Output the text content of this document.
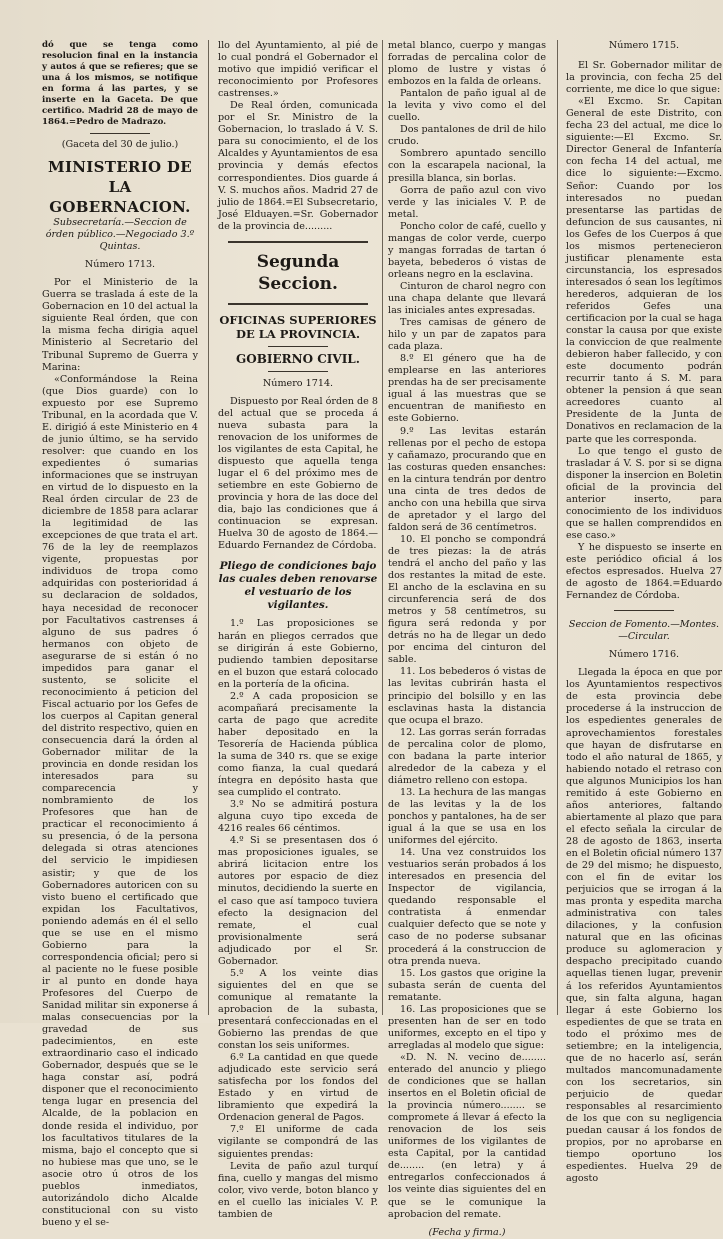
dó que se tenga como resolucion final en la instancia y autos á que se refieres; que se una á los mismos, se notifique en forma á las partes, y se inserte en la Gaceta. De que certifico. Madrid 28 de mayo de 1864.=Pedro de Madrazo.

(Gaceta del 30 de julio.)

MINISTERIO DE LA GOBERNACION.

Subsecretaría.—Seccion de órden público.—Negociado 3.º Quintas.

Número 1713.

Por el Ministerio de la Guerra se traslada á este de la Gobernacion en 10 del actual la siguiente Real órden, que con la misma fecha dirigia aquel Ministerio al Secretario del Tribunal Supremo de Guerra y Marina:

«Conformándose la Reina (que Dios guarde) con lo expuesto por ese Supremo Tribunal, en la acordada que V. E. dirigió á este Ministerio en 4 de junio último, se ha servido resolver: que cuando en los expedientes ó sumarias informaciones que se instruyan en virtud de lo dispuesto en la Real órden circular de 23 de diciembre de 1858 para aclarar la legitimidad de las excepciones de que trata el art. 76 de la ley de reemplazos vigente, propuestas por individuos de tropa como adquiridas con posterioridad á su declaracion de soldados, haya necesidad de reconocer por Facultativos castrenses á alguno de sus padres ó hermanos con objeto de asegurarse de si están ó no impedidos para ganar el sustento, se solicite el reconocimiento á peticion del Fiscal actuario por los Gefes de los cuerpos al Capitan general del distrito respectivo, quien en consecuencia dará la órden al Gobernador militar de la provincia en donde residan los interesados para su comparecencia y nombramiento de los Profesores que han de practicar el reconocimiento á su presencia, ó de la persona delegada si otras atenciones del servicio le impidiesen asistir; y que de los Gobernadores autoricen con su visto bueno el certificado que expidan los Facultativos, poniendo además en él el sello que se use en el mismo Gobierno para la correspondencia oficial; pero si al paciente no le fuese posible ir al punto en donde haya Profesores del Cuerpo de Sanidad militar sin exponerse á malas consecuencias por la gravedad de sus padecimientos, en este extraordinario caso el indicado Gobernador, después que se le haga constar así, podrá disponer que el reconocimiento tenga lugar en presencia del Alcalde, de la poblacion en donde resida el individuo, por los facultativos titulares de la misma, bajo el concepto que si no hubiese mas que uno, se le asocie otro ú otros de los pueblos inmediatos, autorizándolo dicho Alcalde constitucional con su visto bueno y el se-

llo del Ayuntamiento, al pié de lo cual pondrá el Gobernador el motivo que impidió verificar el reconocimiento por Profesores castrenses.»

De Real órden, comunicada por el Sr. Ministro de la Gobernacion, lo traslado á V. S. para su conocimiento, el de los Alcaldes y Ayuntamientos de esa provincia y demás efectos correspondientes. Dios guarde á V. S. muchos años. Madrid 27 de julio de 1864.=El Subsecretario, José Elduayen.=Sr. Gobernador de la provincia de.........

Segunda Seccion.

OFICINAS SUPERIORES DE LA PROVINCIA.

GOBIERNO CIVIL.

Número 1714.

Dispuesto por Real órden de 8 del actual que se proceda á nueva subasta para la renovacion de los uniformes de los vigilantes de esta Capital, he dispuesto que aquella tenga lugar el 6 del próximo mes de setiembre en este Gobierno de provincia y hora de las doce del dia, bajo las condiciones que á continuacion se expresan. Huelva 30 de agosto de 1864.—Eduardo Fernandez de Córdoba.

Pliego de condiciones bajo las cuales deben renovarse el vestuario de los vigilantes.

1.º Las proposiciones se harán en pliegos cerrados que se dirigirán á este Gobierno, pudiendo tambien depositarse en el buzon que estará colocado en la portería de la oficina.

2.º A cada proposicion se acompañará precisamente la carta de pago que acredite haber depositado en la Tesorería de Hacienda pública la suma de 340 rs. que se exige como fianza, la cual quedará íntegra en depósito hasta que sea cumplido el contrato.

3.º No se admitirá postura alguna cuyo tipo exceda de 4216 reales 66 céntimos.

4.º Si se presentasen dos ó mas proposiciones iguales, se abrirá licitacion entre los autores por espacio de diez minutos, decidiendo la suerte en el caso que así tampoco tuviera efecto la designacion del remate, el cual provisionalmente será adjudicado por el Sr. Gobernador.

5.º A los veinte dias siguientes del en que se comunique al rematante la aprobacion de la subasta, presentará confeccionadas en el Gobierno las prendas de que constan los seis uniformes.

6.º La cantidad en que quede adjudicado este servicio será satisfecha por los fondos del Estado y en virtud de libramiento que expedirá la Ordenacion general de Pagos.

7.º El uniforme de cada vigilante se compondrá de las siguientes prendas:

Levita de paño azul turquí fina, cuello y mangas del mismo color, vivo verde, boton blanco y en el cuello las iniciales V. P. tambien de

metal blanco, cuerpo y mangas forradas de percalina color de plomo de lustre y vistas ó embozos en la falda de orleans.

Pantalon de paño igual al de la levita y vivo como el del cuello.

Dos pantalones de dril de hilo crudo.

Sombrero apuntado sencillo con la escarapela nacional, la presilla blanca, sin borlas.

Gorra de paño azul con vivo verde y las iniciales V. P. de metal.

Poncho color de café, cuello y mangas de color verde, cuerpo y mangas forradas de tartan ó bayeta, bebederos ó vistas de orleans negro en la esclavina.

Cinturon de charol negro con una chapa delante que llevará las iniciales antes expresadas.

Tres camisas de género de hilo y un par de zapatos para cada plaza.

8.º El género que ha de emplearse en las anteriores prendas ha de ser precisamente igual á las muestras que se encuentran de manifiesto en este Gobierno.

9.º Las levitas estarán rellenas por el pecho de estopa y cañamazo, procurando que en las costuras queden ensanches: en la cintura tendrán por dentro una cinta de tres dedos de ancho con una hebilla que sirva de apretador y el largo del faldon será de 36 centímetros.

10. El poncho se compondrá de tres piezas: la de atrás tendrá el ancho del paño y las dos restantes la mitad de este. El ancho de la esclavina en su circunferencia será de dos metros y 58 centímetros, su figura será redonda y por detrás no ha de llegar un dedo por encima del cinturon del sable.

11. Los bebederos ó vistas de las levitas cubrirán hasta el principio del bolsillo y en las esclavinas hasta la distancia que ocupa el brazo.

12. Las gorras serán forradas de percalina color de plomo, con badana la parte interior alrededor de la cabeza y el diámetro relleno con estopa.

13. La hechura de las mangas de las levitas y la de los ponchos y pantalones, ha de ser igual á la que se usa en los uniformes del ejército.

14. Una vez construidos los vestuarios serán probados á los interesados en presencia del Inspector de vigilancia, quedando responsable el contratista á enmendar cualquier defecto que se note y caso de no poderse subsanar procederá á la construccion de otra prenda nueva.

15. Los gastos que origine la subasta serán de cuenta del rematante.

16. Las proposiciones que se presenten han de ser en todo uniformes, excepto en el tipo y arregladas al modelo que sigue:

«D. N. N. vecino de........ enterado del anuncio y pliego de condiciones que se hallan insertos en el Boletin oficial de la provincia número........ se compromete á llevar á efecto la renovacion de los seis uniformes de los vigilantes de esta Capital, por la cantidad de........ (en letra) y á entregarlos confeccionados á los veinte dias siguientes del en que se le comunique la aprobacion del remate.

(Fecha y firma.)

Número 1715.

El Sr. Gobernador militar de la provincia, con fecha 25 del corriente, me dice lo que sigue:

«El Excmo. Sr. Capitan General de este Distrito, con fecha 23 del actual, me dice lo siguiente:—El Excmo. Sr. Director General de Infantería con fecha 14 del actual, me dice lo siguiente:—Excmo. Señor: Cuando por los interesados no puedan presentarse las partidas de defuncion de sus causantes, ni los Gefes de los Cuerpos á que los mismos pertenecieron justificar plenamente esta circunstancia, los espresados interesados ó sean los legítimos herederos, adquieran de los referidos Gefes una certificacion por la cual se haga constar la causa por que existe la conviccion de que realmente debieron haber fallecido, y con este documento podrán recurrir tanto á S. M. para obtener la pension á que sean acreedores cuanto al Presidente de la Junta de Donativos en reclamacion de la parte que les corresponda.

Lo que tengo el gusto de trasladar á V. S. por si se digna disponer la insercion en Boletin oficial de la provincia del anterior inserto, para conocimiento de los individuos que se hallen comprendidos en ese caso.»

Y he dispuesto se inserte en este periódico oficial á los efectos espresados. Huelva 27 de agosto de 1864.=Eduardo Fernandez de Córdoba.

Seccion de Fomento.—Montes.—Circular.

Número 1716.

Llegada la época en que por los Ayuntamientos respectivos de esta provincia debe procederse á la instruccion de los espedientes generales de aprovechamientos forestales que hayan de disfrutarse en todo el año natural de 1865, y habiendo notado el retraso con que algunos Municipios los han remitido á este Gobierno en años anteriores, faltando abiertamente al plazo que para el efecto señala la circular de 28 de agosto de 1863, inserta en el Boletin oficial número 137 de 29 del mismo; he dispuesto, con el fin de evitar los perjuicios que se irrogan á la mas pronta y espedita marcha administrativa con tales dilaciones, y la confusion natural que en las oficinas produce su aglomeracion y despacho precipitado cuando aquellas tienen lugar, prevenir á los referidos Ayuntamientos que, sin falta alguna, hagan llegar á este Gobierno los espedientes de que se trata en todo el próximo mes de setiembre; en la inteligencia, que de no hacerlo así, serán multados mancomunadamente con los secretarios, sin perjuicio de quedar responsables al resarcimiento de los que con su negligencia puedan causar á los fondos de propios, por no aprobarse en tiempo oportuno los espedientes. Huelva 29 de agosto
